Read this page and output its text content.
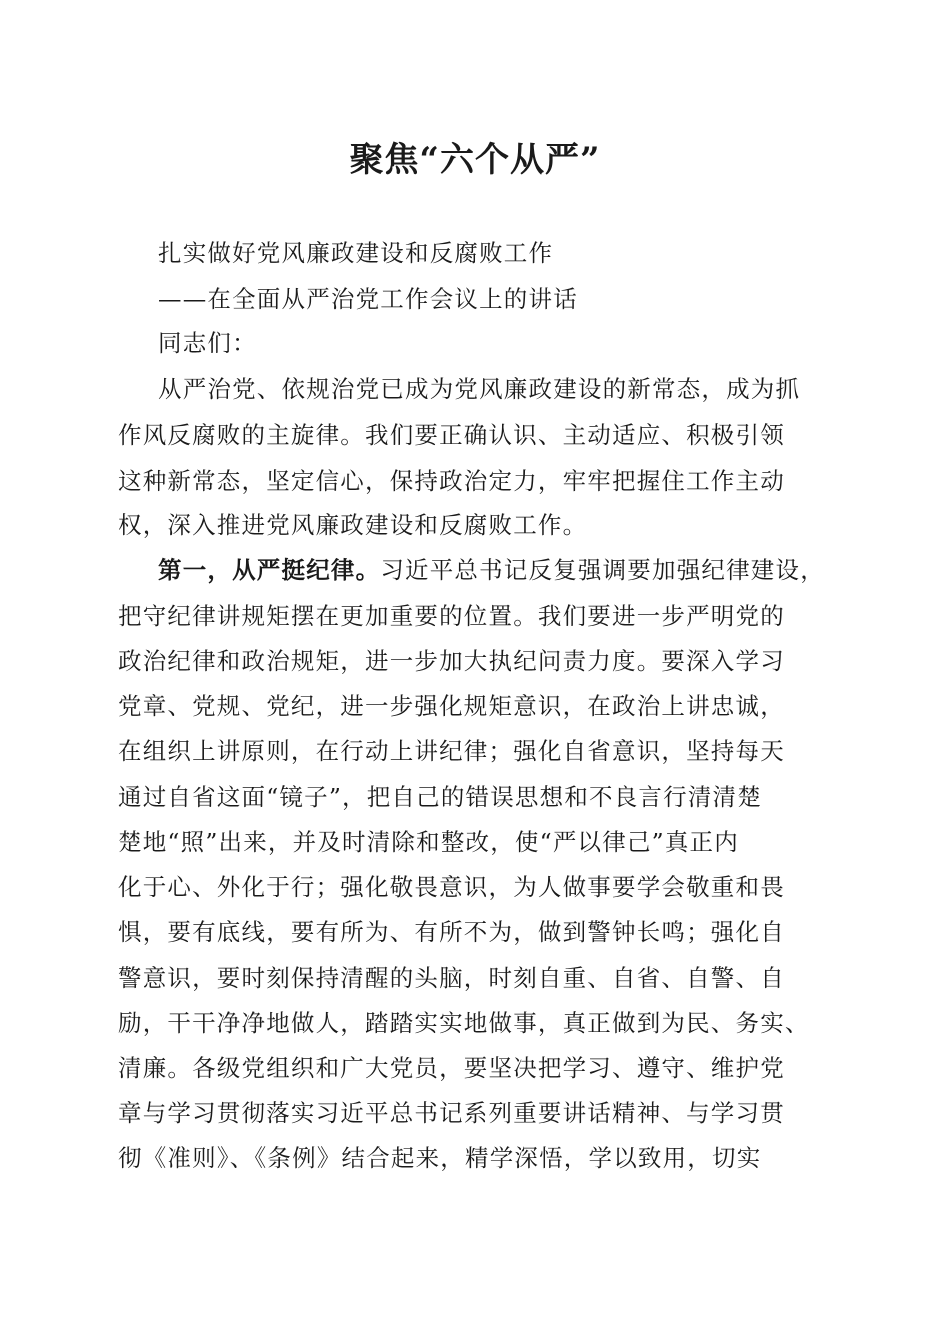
聚焦“六个从严”
扎实做好党风廉政建设和反腐败工作
——在全面从严治党工作会议上的讲话
同志们：
从严治党、依规治党已成为党风廉政建设的新常态，成为抓
作风反腐败的主旋律。我们要正确认识、主动适应、积极引领
这种新常态，坚定信心，保持政治定力，牢牢把握住工作主动
权，深入推进党风廉政建设和反腐败工作。
第一，从严挺纪律。习近平总书记反复强调要加强纪律建设，
把守纪律讲规矩摆在更加重要的位置。我们要进一步严明党的
政治纪律和政治规矩，进一步加大执纪问责力度。要深入学习
党章、党规、党纪，进一步强化规矩意识，在政治上讲忠诚，
在组织上讲原则，在行动上讲纪律；强化自省意识，坚持每天
通过自省这面“镜子”，把自己的错误思想和不良言行清清楚
楚地“照”出来，并及时清除和整改，使“严以律己”真正内
化于心、外化于行；强化敬畏意识，为人做事要学会敬重和畏
惧，要有底线，要有所为、有所不为，做到警钟长鸣；强化自
警意识，要时刻保持清醒的头脑，时刻自重、自省、自警、自
励，干干净净地做人，踏踏实实地做事，真正做到为民、务实、
清廉。各级党组织和广大党员，要坚决把学习、遵守、维护党
章与学习贯彻落实习近平总书记系列重要讲话精神、与学习贯
彻《准则》、《条例》结合起来，精学深悟，学以致用，切实
